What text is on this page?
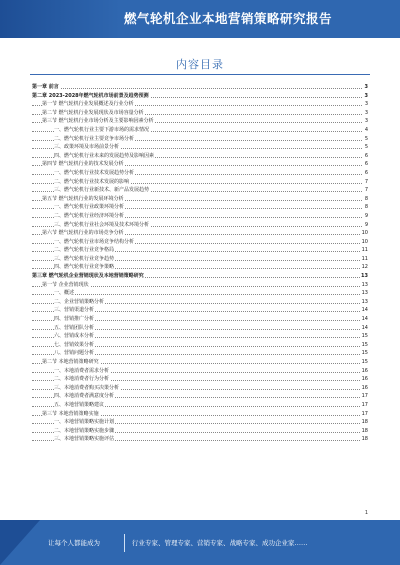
燃气轮机企业本地营销策略研究报告
内容目录
第一章 前言	3
第二章 2023-2028年燃气轮机市场前景及趋势预测	3
第一节 燃气轮机行业发展概述及行业分析	3
第二节 燃气轮机行业发展现状及市场容量分析	3
第三节 燃气轮机行业市场分析及主要影响因素分析	3
一、燃气轮机行业主要下游市场的需求情况	4
二、燃气轮机行业主要竞争市场分析	5
三、政策环境及市场前景分析	5
四、燃气轮机行业未来的发展趋势及影响因素	6
第四节 燃气轮机行业的技术发展分析	6
一、燃气轮机行业技术发展趋势分析	6
二、燃气轮机行业技术发展的影响	7
三、燃气轮机行业新技术、新产品发展趋势	7
第五节 燃气轮机行业的发展环境分析	8
一、燃气轮机行业政策环境分析	8
二、燃气轮机行业经济环境分析	9
三、燃气轮机行业社会环境及技术环境分析	9
第六节 燃气轮机行业的市场竞争分析	10
一、燃气轮机行业市场竞争结构分析	10
二、燃气轮机行业竞争格局	11
三、燃气轮机行业竞争趋势	11
四、燃气轮机行业竞争策略	12
第三章 燃气轮机企业营销现状及本地营销策略研究	13
第一节 企业营销现状	13
一、概述	13
二、企业营销策略分析	13
三、营销渠道分析	14
四、营销推广分析	14
五、营销团队分析	14
六、营销成本分析	15
七、营销效果分析	15
八、营销问题分析	15
第二节 本地营销策略研究	15
一、本地消费者需求分析	16
二、本地消费者行为分析	16
三、本地消费者购买决策分析	16
四、本地消费者满意度分析	17
五、本地营销策略建议	17
第三节 本地营销策略实施	17
一、本地营销策略实施计划	18
二、本地营销策略实施步骤	18
三、本地营销策略实施评估	18
1
让每个人都能成为	行业专家、管理专家、营销专家、战略专家、成功企业家……
